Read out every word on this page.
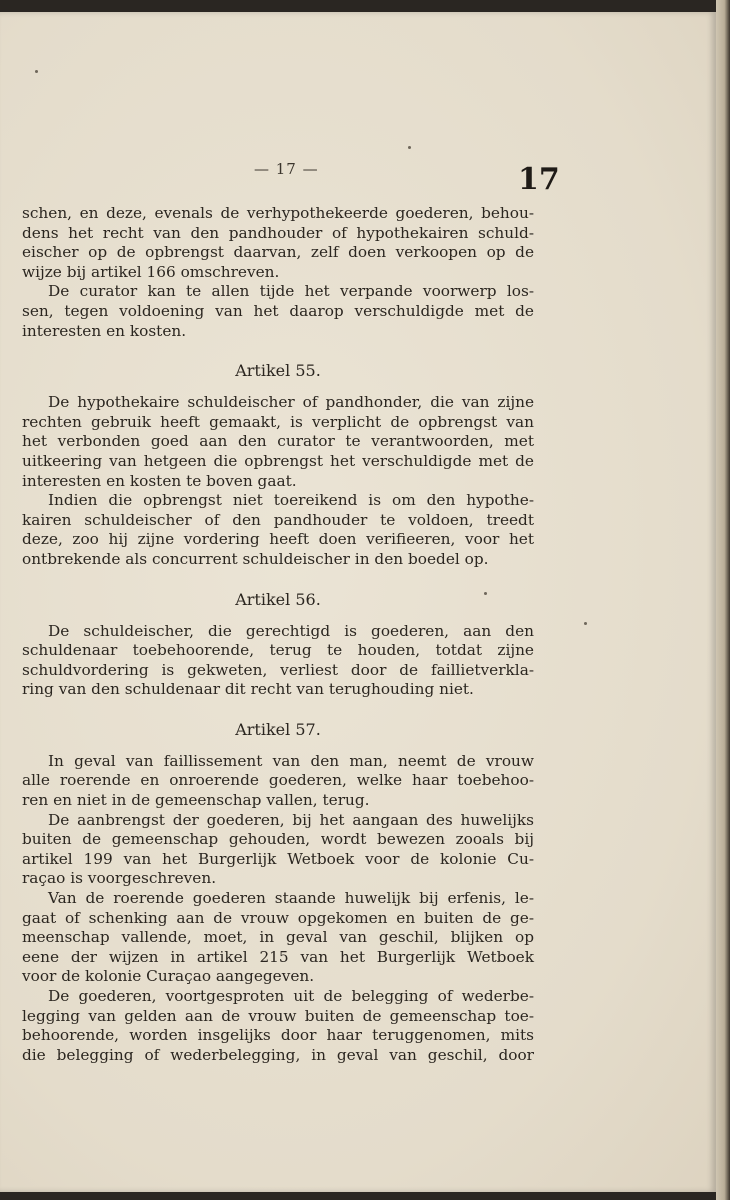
— 17 —	17
schen, en deze, evenals de verhypothekeerde goederen, behou-
dens het recht van den pandhouder of hypothekairen schuld-
eischer op de opbrengst daarvan, zelf doen verkoopen op de
wijze bij artikel 166 omschreven.
De curator kan te allen tijde het verpande voorwerp los-
sen, tegen voldoening van het daarop verschuldigde met de
interesten en kosten.
Artikel 55.
De hypothekaire schuldeischer of pandhonder, die van zijne
rechten gebruik heeft gemaakt, is verplicht de opbrengst van
het verbonden goed aan den curator te verantwoorden, met
uitkeering van hetgeen die opbrengst het verschuldigde met de
interesten en kosten te boven gaat.
Indien die opbrengst niet toereikend is om den hypothe-
kairen schuldeischer of den pandhouder te voldoen, treedt
deze, zoo hij zijne vordering heeft doen verifieeren, voor het
ontbrekende als concurrent schuldeischer in den boedel op.
Artikel 56.
De schuldeischer, die gerechtigd is goederen, aan den
schuldenaar toebehoorende, terug te houden, totdat zijne
schuldvordering is gekweten, verliest door de faillietverkla-
ring van den schuldenaar dit recht van terughouding niet.
Artikel 57.
In geval van faillissement van den man, neemt de vrouw
alle roerende en onroerende goederen, welke haar toebehoo-
ren en niet in de gemeenschap vallen, terug.
De aanbrengst der goederen, bij het aangaan des huwelijks
buiten de gemeenschap gehouden, wordt bewezen zooals bij
artikel 199 van het Burgerlijk Wetboek voor de kolonie Cu-
raçao is voorgeschreven.
Van de roerende goederen staande huwelijk bij erfenis, le-
gaat of schenking aan de vrouw opgekomen en buiten de ge-
meenschap vallende, moet, in geval van geschil, blijken op
eene der wijzen in artikel 215 van het Burgerlijk Wetboek
voor de kolonie Curaçao aangegeven.
De goederen, voortgesproten uit de belegging of wederbe-
legging van gelden aan de vrouw buiten de gemeenschap toe-
behoorende, worden insgelijks door haar teruggenomen, mits
die belegging of wederbelegging, in geval van geschil, door
